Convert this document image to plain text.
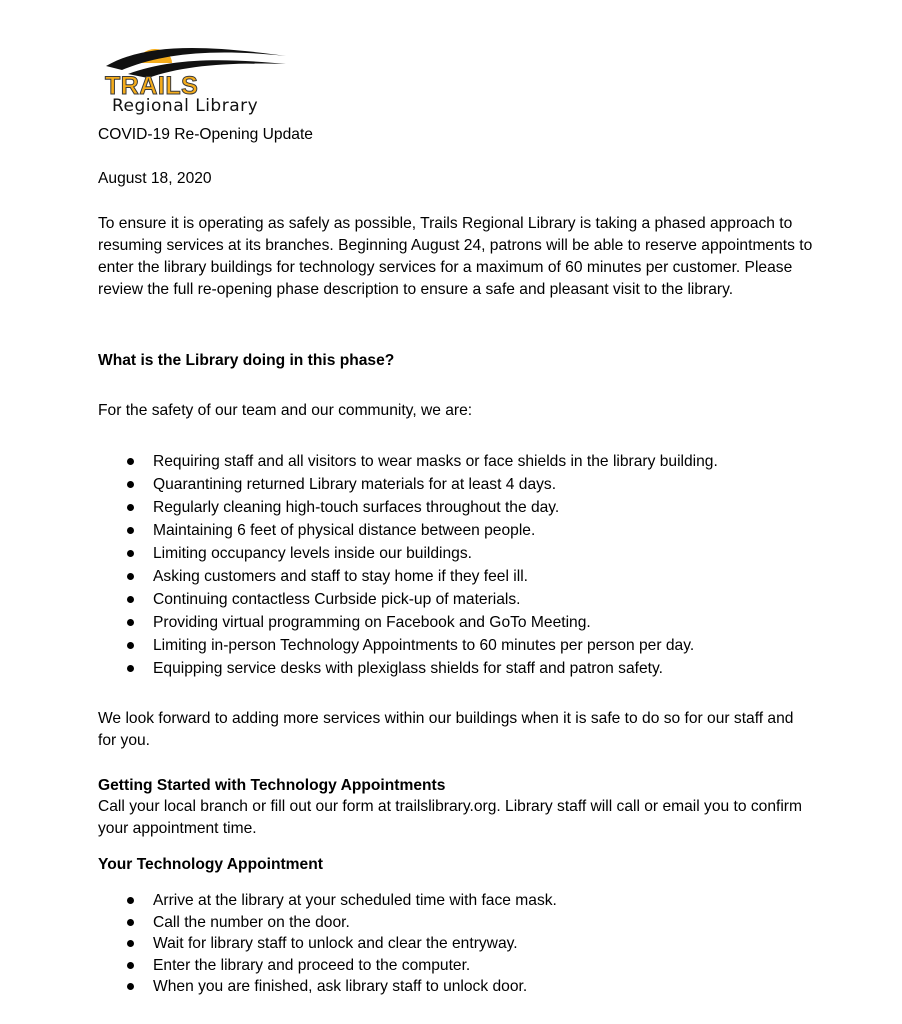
TRAILS
Regional Library
COVID-19 Re-Opening Update
August 18, 2020
To ensure it is operating as safely as possible, Trails Regional Library is taking a phased approach to resuming services at its branches. Beginning August 24, patrons will be able to reserve appointments to enter the library buildings for technology services for a maximum of 60 minutes per customer. Please review the full re-opening phase description to ensure a safe and pleasant visit to the library.
What is the Library doing in this phase?
For the safety of our team and our community, we are:
Requiring staff and all visitors to wear masks or face shields in the library building.
Quarantining returned Library materials for at least 4 days.
Regularly cleaning high-touch surfaces throughout the day.
Maintaining 6 feet of physical distance between people.
Limiting occupancy levels inside our buildings.
Asking customers and staff to stay home if they feel ill.
Continuing contactless Curbside pick-up of materials.
Providing virtual programming on Facebook and GoTo Meeting.
Limiting in-person Technology Appointments to 60 minutes per person per day.
Equipping service desks with plexiglass shields for staff and patron safety.
We look forward to adding more services within our buildings when it is safe to do so for our staff and for you.
Getting Started with Technology Appointments
Call your local branch or fill out our form at trailslibrary.org. Library staff will call or email you to confirm your appointment time.
Your Technology Appointment
Arrive at the library at your scheduled time with face mask.
Call the number on the door.
Wait for library staff to unlock and clear the entryway.
Enter the library and proceed to the computer.
When you are finished, ask library staff to unlock door.
